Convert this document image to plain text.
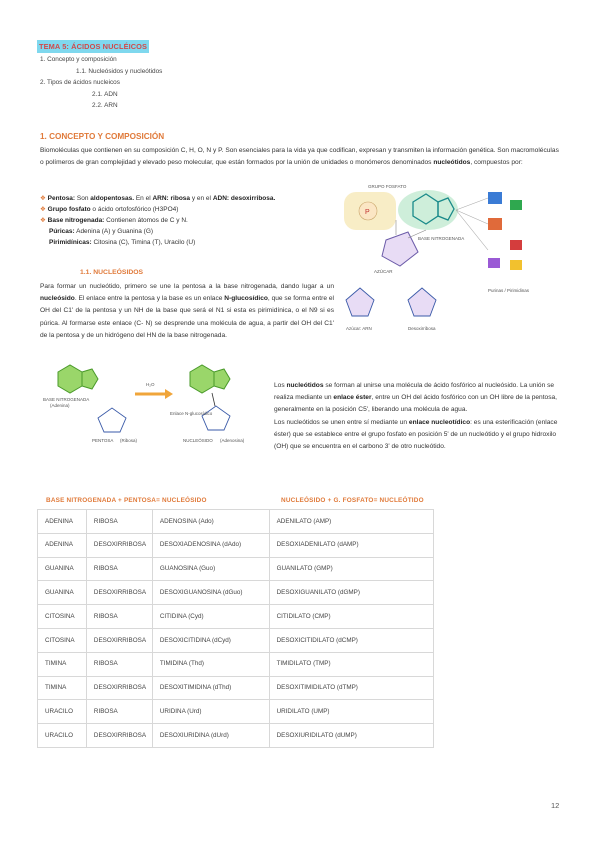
TEMA 5: ÁCIDOS NUCLÉICOS
1. Concepto y composición
1.1. Nucleósidos y nucleótidos
2. Tipos de ácidos nucleicos
2.1. ADN
2.2. ARN
1. CONCEPTO Y COMPOSICIÓN
Biomoléculas que contienen en su composición C, H, O, N y P. Son esenciales para la vida ya que codifican, expresan y transmiten la información genética. Son macromoléculas o polímeros de gran complejidad y elevado peso molecular, que están formados por la unión de unidades o monómeros denominados nucleótidos, compuestos por:
❖ Pentosa: Son aldopentosas. En el ARN: ribosa y en el ADN: desoxirribosa.
❖ Grupo fosfato o ácido ortofosfórico (H3PO4)
❖ Base nitrogenada: Contienen átomos de C y N.
Púricas: Adenina (A) y Guanina (G)
Pirimidínicas: Citosina (C), Timina (T), Uracilo (U)
P
GRUPO FOSFATO
BASE NITROGENADA
AZÚCAR
Purinas / Pirimidinas
Azúcar: ARN	Desoxirribosa
1.1. NUCLEÓSIDOS
Para formar un nucleótido, primero se une la pentosa a la base nitrogenada, dando lugar a un nucleósido. El enlace entre la pentosa y la base es un enlace N-glucosídico, que se forma entre el OH del C1' de la pentosa y un NH de la base que será el N1 si esta es pirimidínica, o el N9 si es púrica. Al formarse este enlace (C- N) se desprende una molécula de agua, a partir del OH del C1' de la pentosa y de un hidrógeno del HN de la base nitrogenada.
BASE NITROGENADA
(Adenina)
PENTOSA (Ribosa)
H₂O
Enlace N-glucosídico
NUCLEÓSIDO (Adenosina)
Los nucleótidos se forman al unirse una molécula de ácido fosfórico al nucleósido. La unión se realiza mediante un enlace éster, entre un OH del ácido fosfórico con un OH libre de la pentosa, generalmente en la posición C5', liberando una molécula de agua.
Los nucleótidos se unen entre sí mediante un enlace nucleotídico: es una esterificación (enlace éster) que se establece entre el grupo fosfato en posición 5' de un nucleótido y el grupo hidroxilo (OH) que se encuentra en el carbono 3' de otro nucleótido.
BASE NITROGENADA + PENTOSA= NUCLEÓSIDO	NUCLEÓSIDO + G. FOSFATO= NUCLEÓTIDO
ADENINA	RIBOSA	ADENOSINA (Ado)	ADENILATO (AMP)
ADENINA	DESOXIRRIBOSA	DESOXIADENOSINA (dAdo)	DESOXIADENILATO (dAMP)
GUANINA	RIBOSA	GUANOSINA (Guo)	GUANILATO (GMP)
GUANINA	DESOXIRRIBOSA	DESOXIGUANOSINA (dGuo)	DESOXIGUANILATO (dGMP)
CITOSINA	RIBOSA	CITIDINA (Cyd)	CITIDILATO (CMP)
CITOSINA	DESOXIRRIBOSA	DESOXICITIDINA (dCyd)	DESOXICITIDILATO (dCMP)
TIMINA	RIBOSA	TIMIDINA (Thd)	TIMIDILATO (TMP)
TIMINA	DESOXIRRIBOSA	DESOXITIMIDINA (dThd)	DESOXITIMIDILATO (dTMP)
URACILO	RIBOSA	URIDINA (Urd)	URIDILATO (UMP)
URACILO	DESOXIRRIBOSA	DESOXIURIDINA (dUrd)	DESOXIURIDILATO (dUMP)
12
